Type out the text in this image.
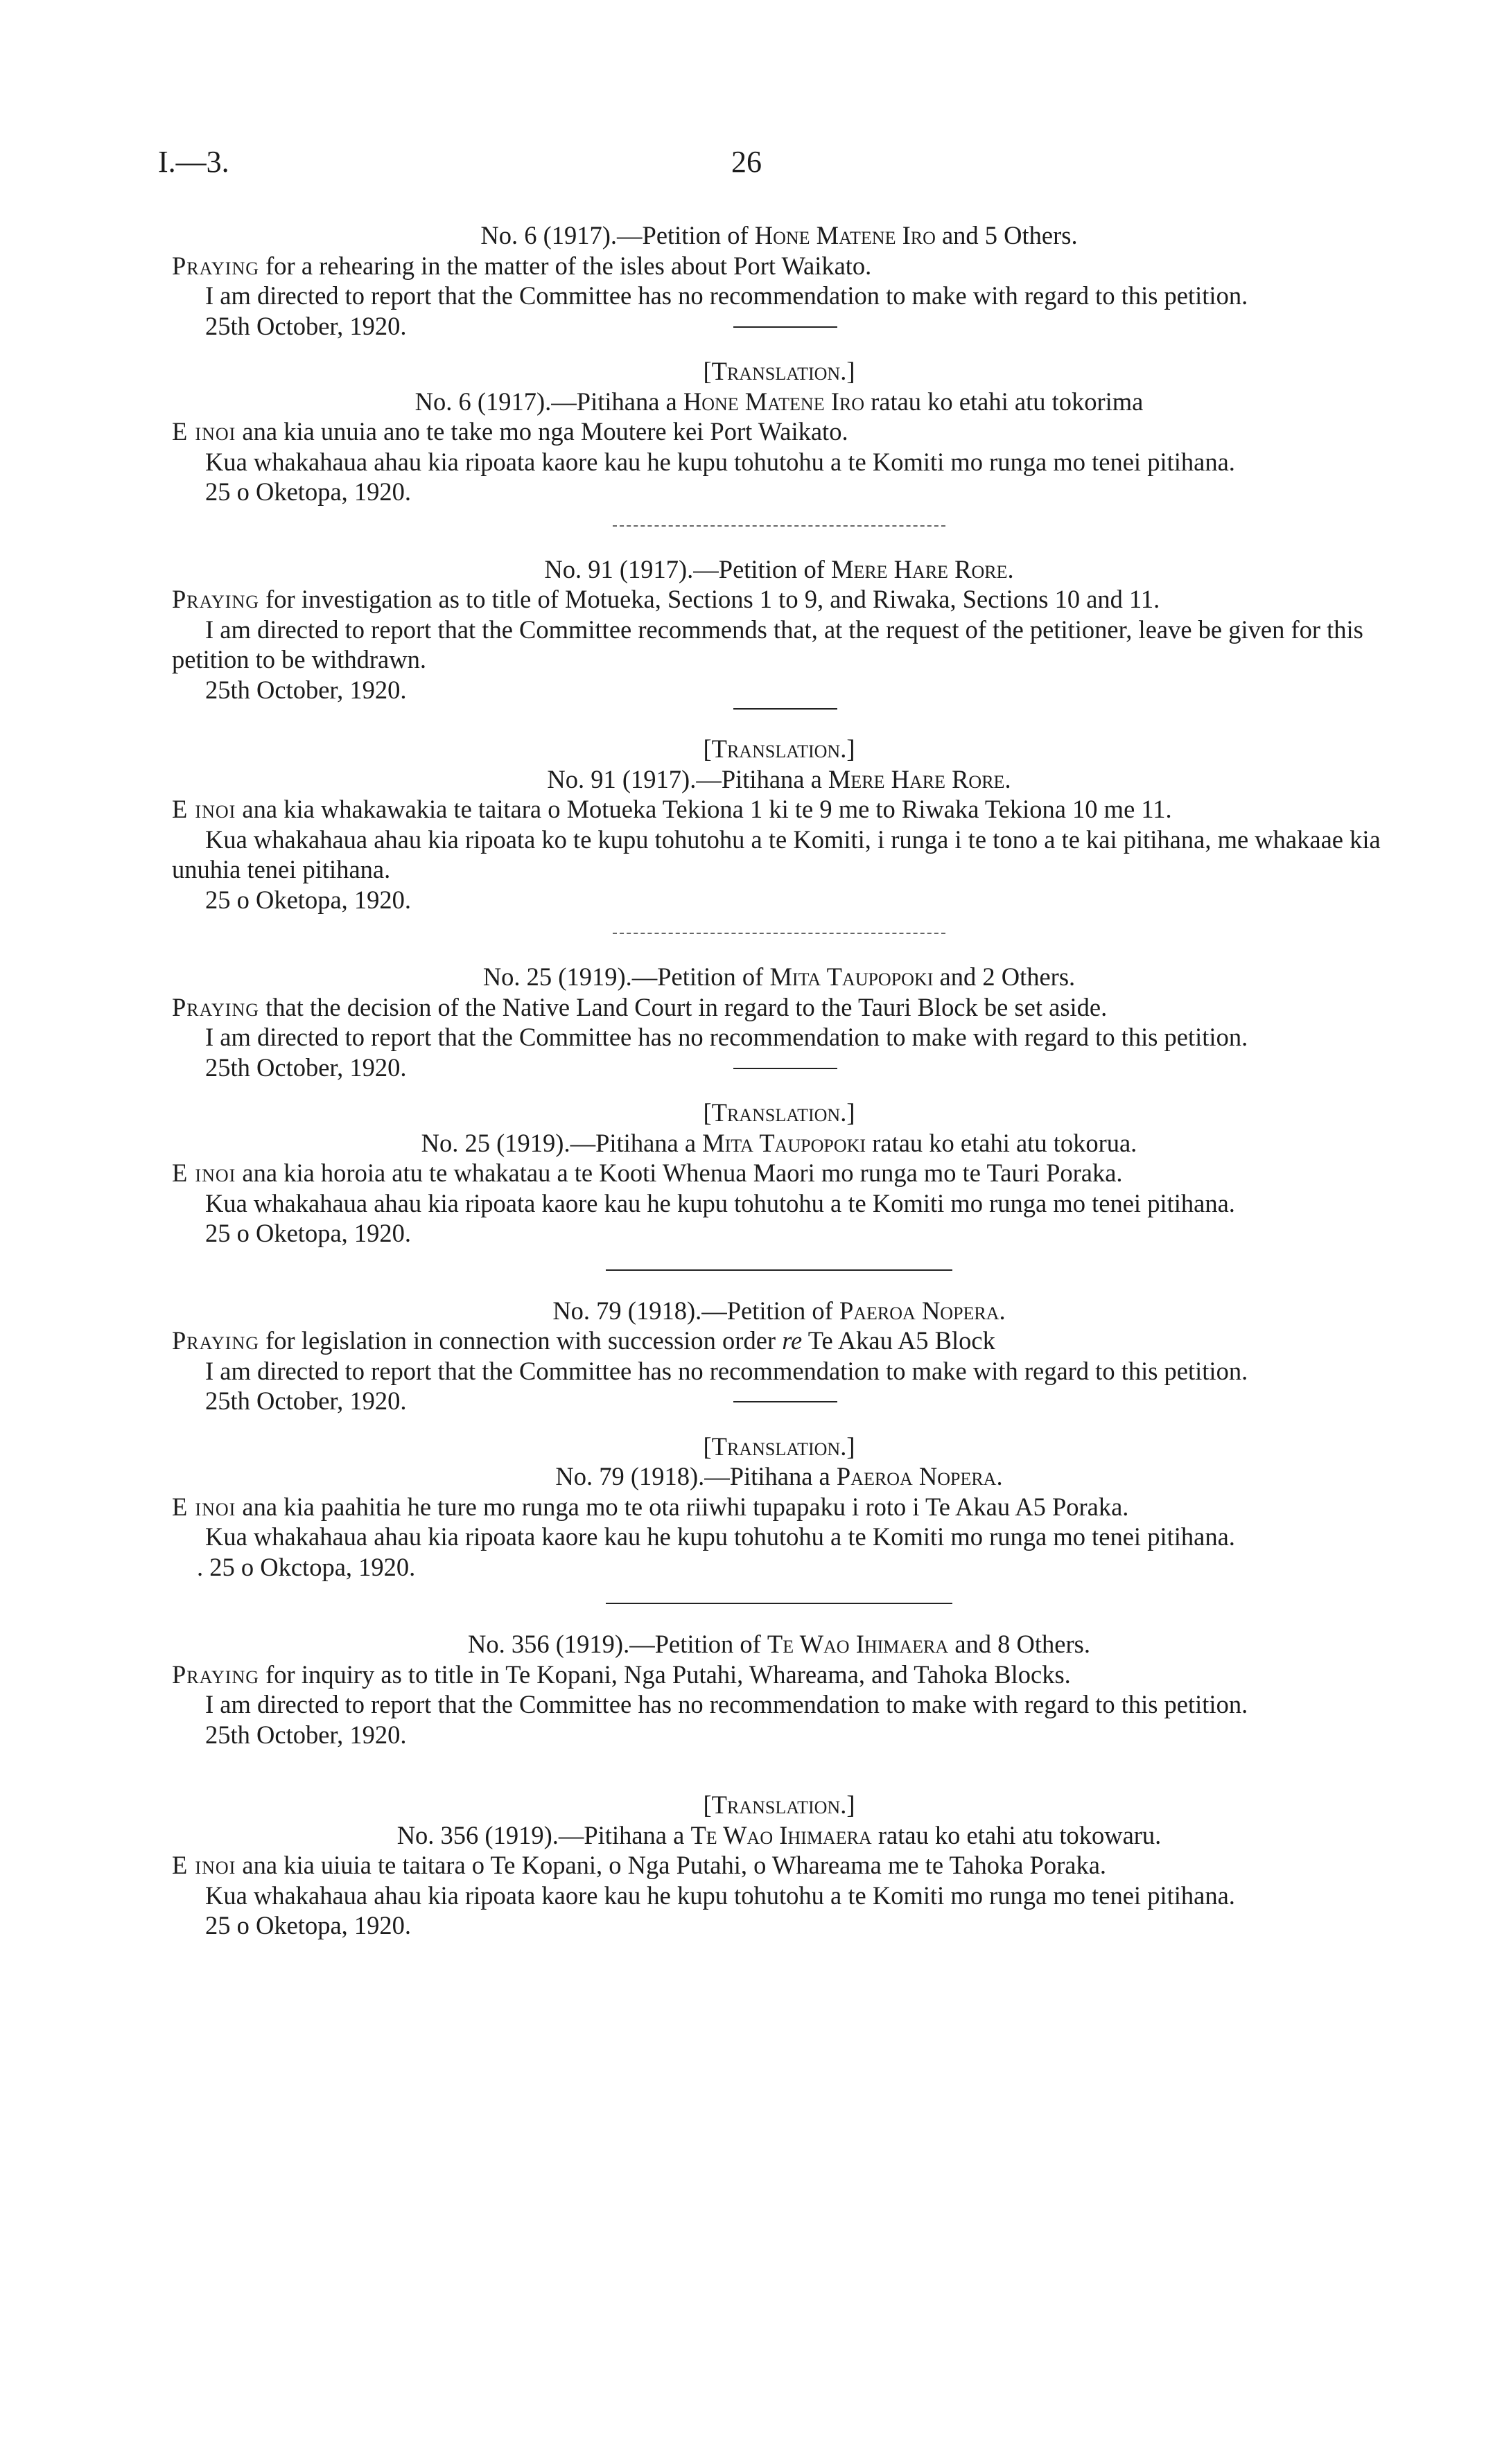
I.—3.	26

No. 6 (1917).—Petition of Hone Matene Iro and 5 Others.

Praying for a rehearing in the matter of the isles about Port Waikato.

I am directed to report that the Committee has no recommendation to make with regard to this petition.

25th October, 1920.

[Translation.]

No. 6 (1917).—Pitihana a Hone Matene Iro ratau ko etahi atu tokorima

E inoi ana kia unuia ano te take mo nga Moutere kei Port Waikato.

Kua whakahaua ahau kia ripoata kaore kau he kupu tohutohu a te Komiti mo runga mo tenei pitihana.

25 o Oketopa, 1920.

No. 91 (1917).—Petition of Mere Hare Rore.

Praying for investigation as to title of Motueka, Sections 1 to 9, and Riwaka, Sections 10 and 11.

I am directed to report that the Committee recommends that, at the request of the petitioner, leave be given for this petition to be withdrawn.

25th October, 1920.

[Translation.]

No. 91 (1917).—Pitihana a Mere Hare Rore.

E inoi ana kia whakawakia te taitara o Motueka Tekiona 1 ki te 9 me to Riwaka Tekiona 10 me 11.

Kua whakahaua ahau kia ripoata ko te kupu tohutohu a te Komiti, i runga i te tono a te kai pitihana, me whakaae kia unuhia tenei pitihana.

25 o Oketopa, 1920.

No. 25 (1919).—Petition of Mita Taupopoki and 2 Others.

Praying that the decision of the Native Land Court in regard to the Tauri Block be set aside.

I am directed to report that the Committee has no recommendation to make with regard to this petition.

25th October, 1920.

[Translation.]

No. 25 (1919).—Pitihana a Mita Taupopoki ratau ko etahi atu tokorua.

E inoi ana kia horoia atu te whakatau a te Kooti Whenua Maori mo runga mo te Tauri Poraka.

Kua whakahaua ahau kia ripoata kaore kau he kupu tohutohu a te Komiti mo runga mo tenei pitihana.

25 o Oketopa, 1920.

No. 79 (1918).—Petition of Paeroa Nopera.

Praying for legislation in connection with succession order re Te Akau A5 Block

I am directed to report that the Committee has no recommendation to make with regard to this petition.

25th October, 1920.

[Translation.]

No. 79 (1918).—Pitihana a Paeroa Nopera.

E inoi ana kia paahitia he ture mo runga mo te ota riiwhi tupapaku i roto i Te Akau A5 Poraka.

Kua whakahaua ahau kia ripoata kaore kau he kupu tohutohu a te Komiti mo runga mo tenei pitihana.

. 25 o Okctopa, 1920.

No. 356 (1919).—Petition of Te Wao Ihimaera and 8 Others.

Praying for inquiry as to title in Te Kopani, Nga Putahi, Whareama, and Tahoka Blocks.

I am directed to report that the Committee has no recommendation to make with regard to this petition.

25th October, 1920.

[Translation.]

No. 356 (1919).—Pitihana a Te Wao Ihimaera ratau ko etahi atu tokowaru.

E inoi ana kia uiuia te taitara o Te Kopani, o Nga Putahi, o Whareama me te Tahoka Poraka.

Kua whakahaua ahau kia ripoata kaore kau he kupu tohutohu a te Komiti mo runga mo tenei pitihana.

25 o Oketopa, 1920.
